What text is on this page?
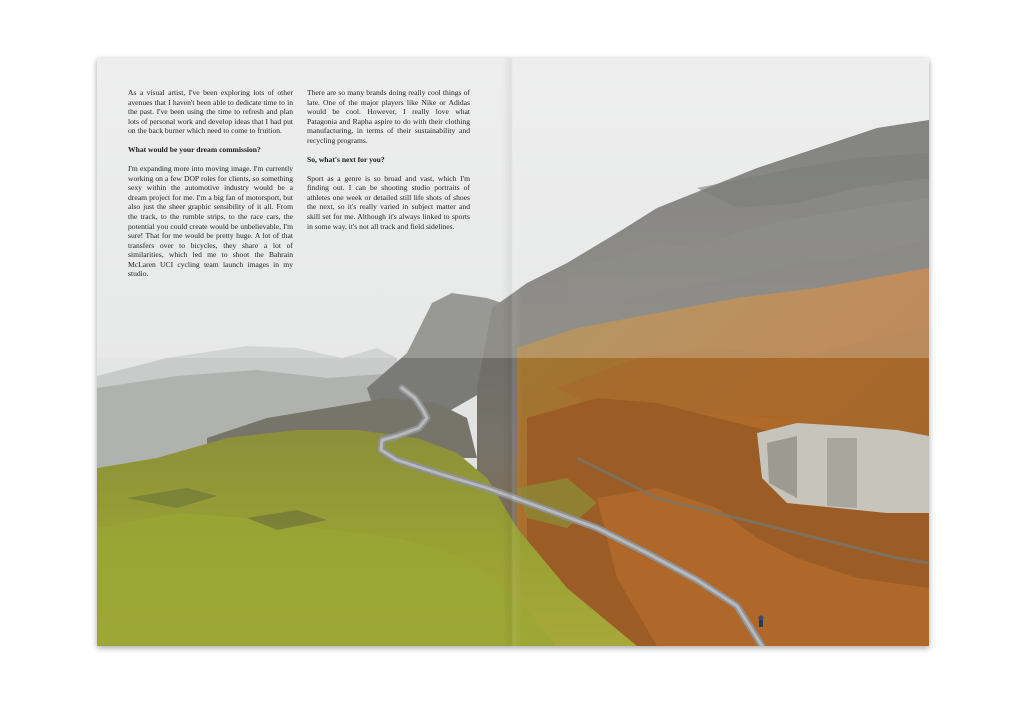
As a visual artist, I've been exploring lots of other avenues that I haven't been able to dedicate time to in the past. I've been using the time to refresh and plan lots of personal work and develop ideas that I had put on the back burner which need to come to fruition.

What would be your dream commission?

I'm expanding more into moving image. I'm currently working on a few DOP roles for clients, so something sexy within the automotive industry would be a dream project for me. I'm a big fan of motorsport, but also just the sheer graphic sensibility of it all. From the track, to the rumble strips, to the race cars, the potential you could create would be unbelievable, I'm sure! That for me would be pretty huge. A lot of that transfers over to bicycles, they share a lot of similarities, which led me to shoot the Bahrain McLaren UCI cycling team launch images in my studio.

There are so many brands doing really cool things of late. One of the major players like Nike or Adidas would be cool. However, I really love what Patagonia and Rapha aspire to do with their clothing manufacturing, in terms of their sustainability and recycling programs.

So, what's next for you?

Sport as a genre is so broad and vast, which I'm finding out. I can be shooting studio portraits of athletes one week or detailed still life shots of shoes the next, so it's really varied in subject matter and skill set for me. Although it's always linked to sports in some way, it's not all track and field sidelines.
